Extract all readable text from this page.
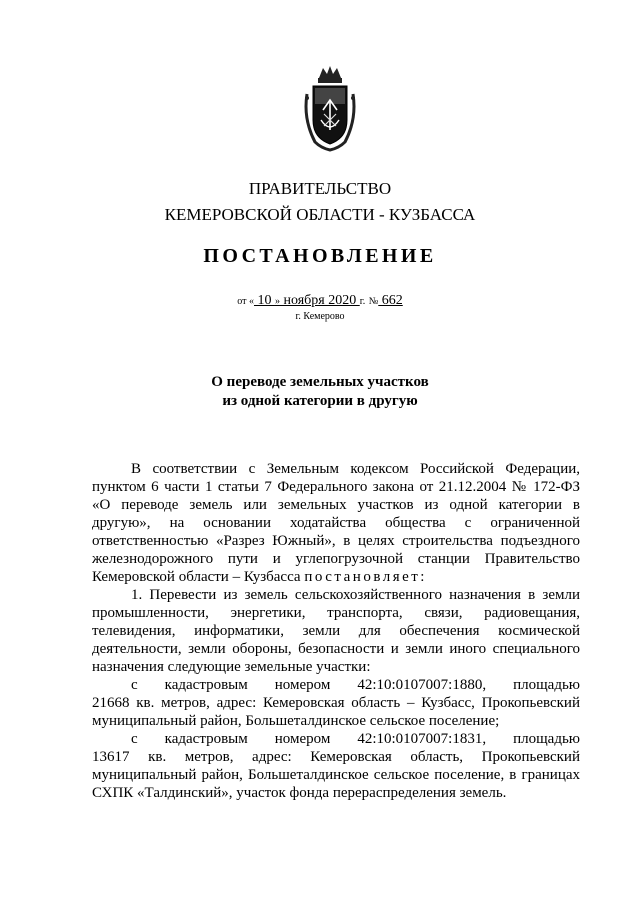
ПРАВИТЕЛЬСТВО
КЕМЕРОВСКОЙ ОБЛАСТИ - КУЗБАССА
ПОСТАНОВЛЕНИЕ
от « 10 » ноября 2020 г. № 662
г. Кемерово
О переводе земельных участков
из одной категории в другую
В соответствии с Земельным кодексом Российской Федерации,
пунктом 6 части 1 статьи 7 Федерального закона от 21.12.2004 № 172-ФЗ
«О переводе земель или земельных участков из одной категории в
другую», на основании ходатайства общества с ограниченной
ответственностью «Разрез Южный», в целях строительства подъездного
железнодорожного пути и углепогрузочной станции Правительство
Кемеровской области – Кузбасса постановляет:
1. Перевести из земель сельскохозяйственного назначения в земли
промышленности, энергетики, транспорта, связи, радиовещания,
телевидения, информатики, земли для обеспечения космической
деятельности, земли обороны, безопасности и земли иного специального
назначения следующие земельные участки:
с кадастровым номером 42:10:0107007:1880, площадью
21668 кв. метров, адрес: Кемеровская область – Кузбасс, Прокопьевский
муниципальный район, Большеталдинское сельское поселение;
с кадастровым номером 42:10:0107007:1831, площадью
13617 кв. метров, адрес: Кемеровская область, Прокопьевский
муниципальный район, Большеталдинское сельское поселение, в границах
СХПК «Талдинский», участок фонда перераспределения земель.
